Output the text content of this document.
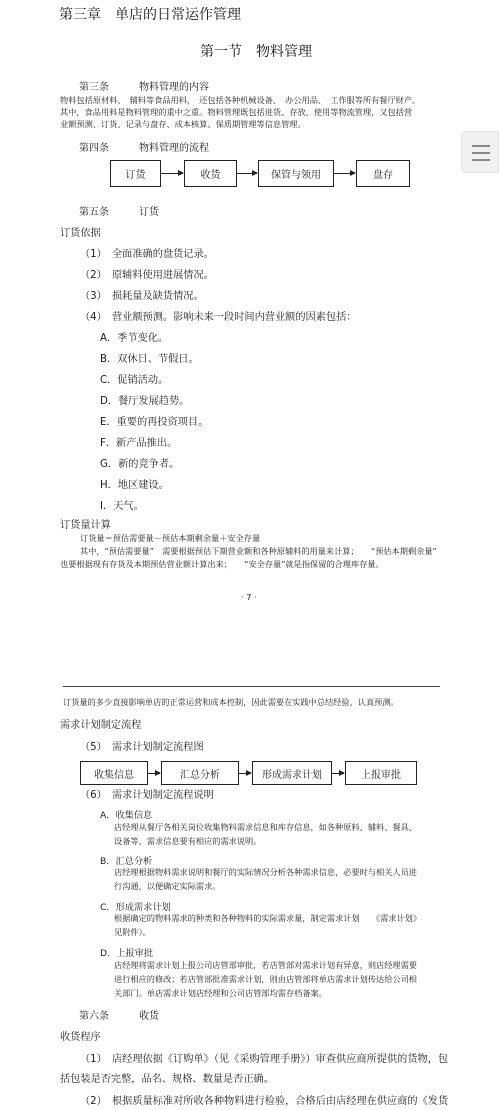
第三章　单店的日常运作管理
第一节　物料管理
第三条　　　物料管理的内容
物料包括原材料、　辅料等食品用料，　还包括各种机械设备、　办公用品、　工作服等所有餐厅财产。
其中，食品用料是物料管理的重中之重。物料管理既包括进货、存放、使用等物流管理，又包括营
业额预测、订货、记录与盘存、成本核算、保质期管理等信息管理。
第四条　　　物料管理的流程
订货	收货	保管与领用	盘存
第五条　　　订货
订货依据
（1）　全面准确的盘货记录。
（2）　原辅料使用进展情况。
（3）　损耗量及缺货情况。
（4）　营业额预测。影响未来一段时间内营业额的因素包括：
A．季节变化。
B．双休日、节假日。
C．促销活动。
D．餐厅发展趋势。
E．重要的再投资项目。
F．新产品推出。
G．新的竞争者。
H．地区建设。
I．天气。
订货量计算
订货量＝预估需要量－预估本期剩余量＋安全存量
其中，“预估需要量”　需要根据预估下期营业额和各种原辅料的用量来计算；　　“预估本期剩余量”
也要根据现有存货及本期预估营业额计算出来；　　“安全存量”就是指保留的合理库存量。
· 7 ·
订货量的多少直接影响单店的正常运营和成本控制，因此需要在实践中总结经验，认真预测。
需求计划制定流程
（5）　需求计划制定流程图
收集信息	汇总分析	形成需求计划	上报审批
（6）　需求计划制定流程说明
A．收集信息
店经理从餐厅各相关岗位收集物料需求信息和库存信息，如各种原料、辅料、餐具、
设备等，需求信息要有相应的需求说明。
B．汇总分析
店经理根据物料需求说明和餐厅的实际情况分析各种需求信息，必要时与相关人员进
行沟通，以便确定实际需求。
C．形成需求计划
根据确定的物料需求的种类和各种物料的实际需求量，制定需求计划　　《需求计划》
见附件）。
D．上报审批
店经理将需求计划上报公司店管部审批，若店管部对需求计划有异意，则店经理需要
进行相应的修改；若店管部批准需求计划，则由店管部将单店需求计划传达给公司相
关部门。单店需求计划店经理和公司店管部均需存档备案。
第六条　　　收货
收货程序
（1）　店经理依据《订购单》（见《采购管理手册》）审查供应商所提供的货物，包
括包装是否完整，品名、规格、数量是否正确。
（2）　根据质量标准对所收各种物料进行检验，合格后由店经理在供应商的《发货
